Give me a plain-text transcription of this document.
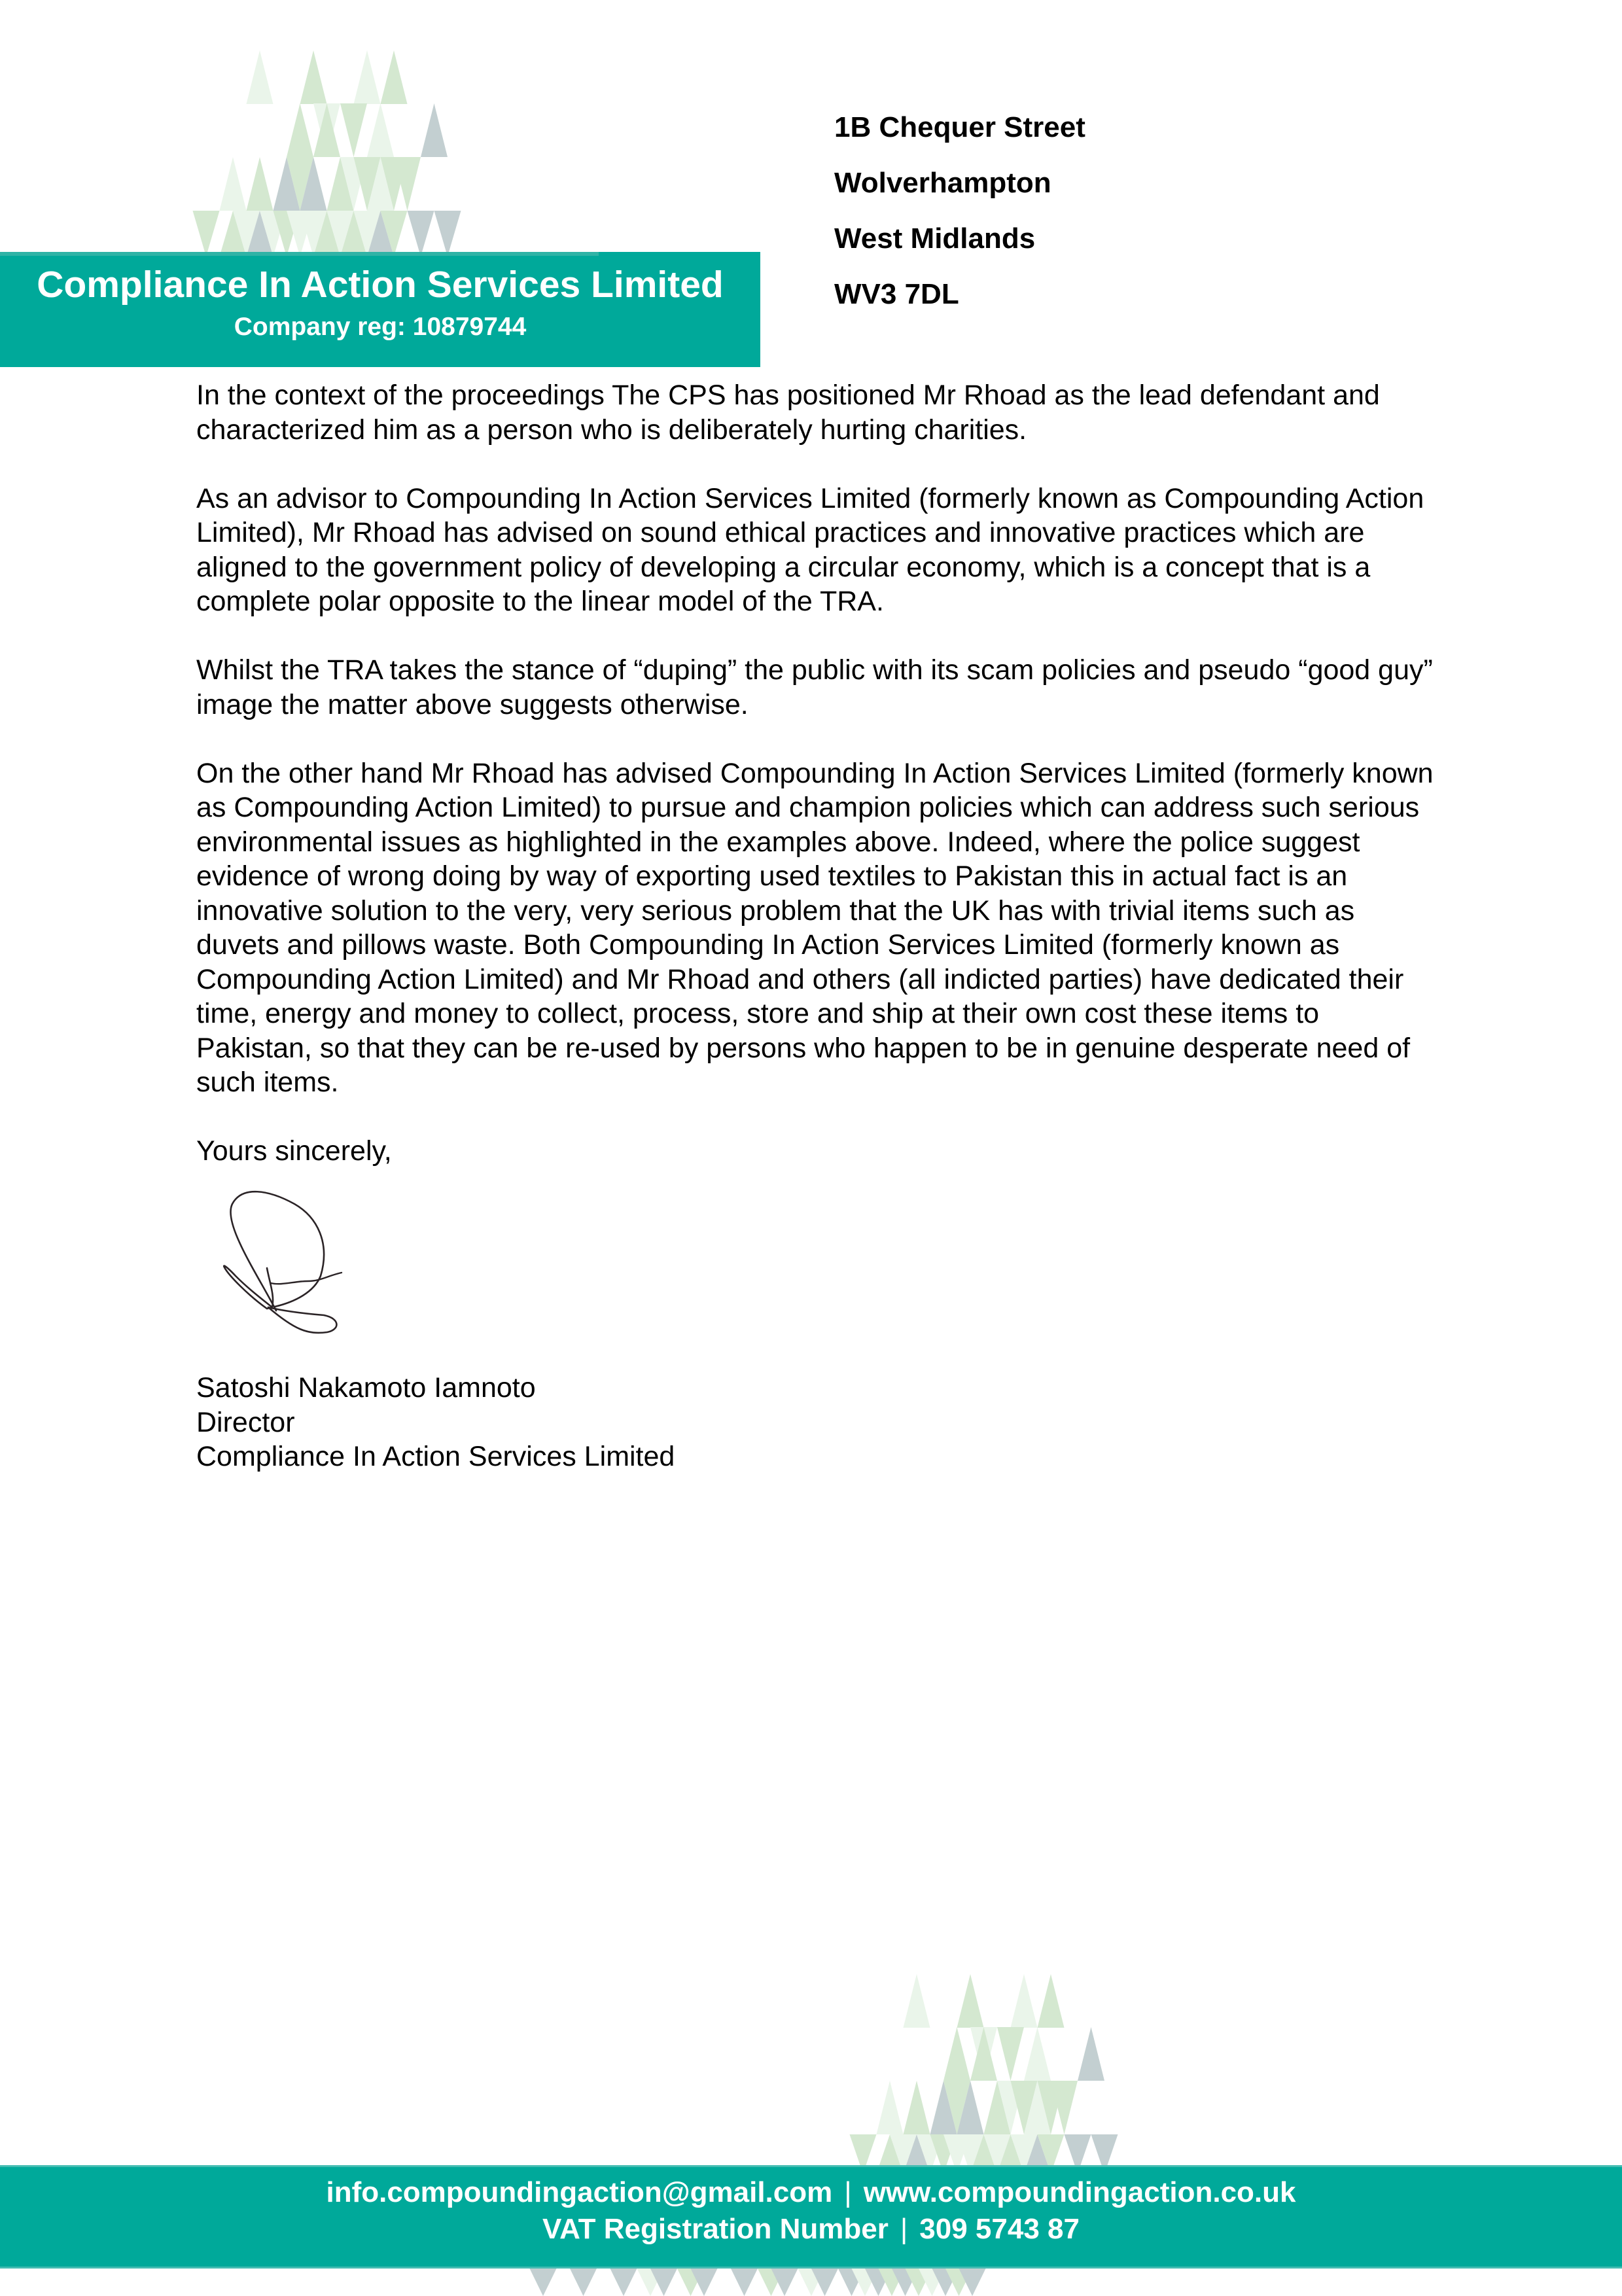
Compliance In Action Services Limited
Company reg: 10879744
1B Chequer Street
Wolverhampton
West Midlands
WV3 7DL

In the context of the proceedings The CPS has positioned Mr Rhoad as the lead defendant and characterized him as a person who is deliberately hurting charities.

As an advisor to Compounding In Action Services Limited (formerly known as Compounding Action Limited), Mr Rhoad has advised on sound ethical practices and innovative practices which are aligned to the government policy of developing a circular economy, which is a concept that is a complete polar opposite to the linear model of the TRA.

Whilst the TRA takes the stance of “duping” the public with its scam policies and pseudo “good guy” image the matter above suggests otherwise.

On the other hand Mr Rhoad has advised Compounding In Action Services Limited (formerly known as Compounding Action Limited) to pursue and champion policies which can address such serious environmental issues as highlighted in the examples above. Indeed, where the police suggest evidence of wrong doing by way of exporting used textiles to Pakistan this in actual fact is an innovative solution to the very, very serious problem that the UK has with trivial items such as duvets and pillows waste. Both Compounding In Action Services Limited (formerly known as Compounding Action Limited) and Mr Rhoad and others (all indicted parties) have dedicated their time, energy and money to collect, process, store and ship at their own cost these items to Pakistan, so that they can be re-used by persons who happen to be in genuine desperate need of such items.

Yours sincerely,

Satoshi Nakamoto Iamnoto
Director
Compliance In Action Services Limited
info.compoundingaction@gmail.com | www.compoundingaction.co.uk
VAT Registration Number | 309 5743 87
